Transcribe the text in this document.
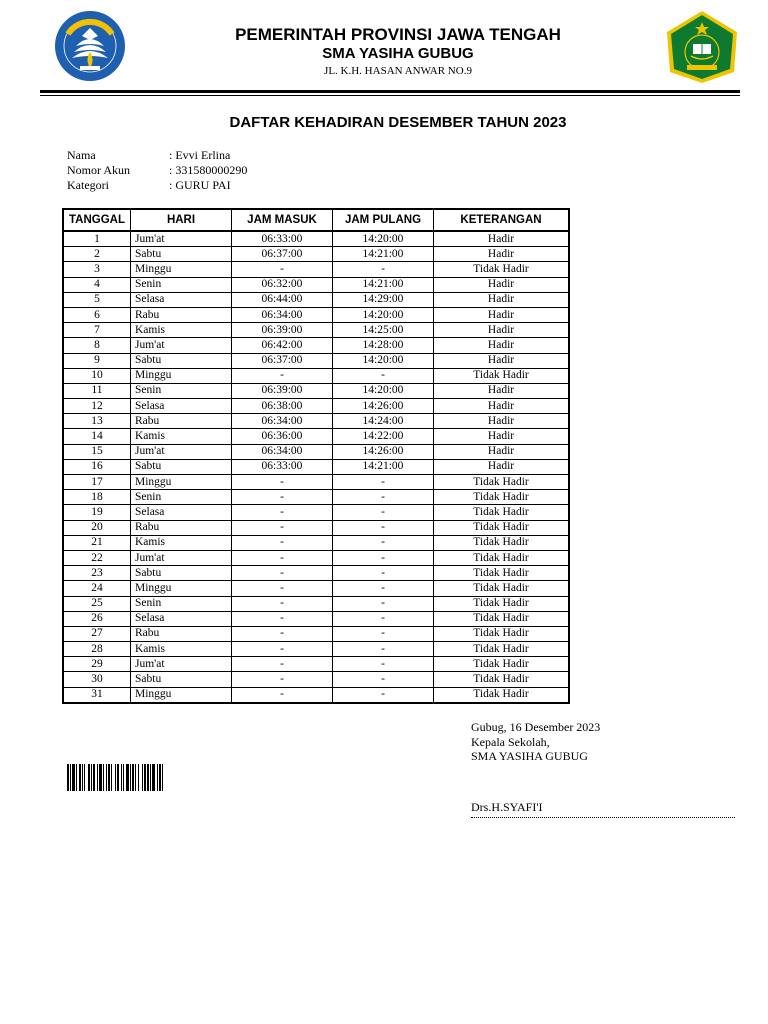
PEMERINTAH PROVINSI JAWA TENGAH
SMA YASIHA GUBUG
JL. K.H. HASAN ANWAR NO.9
DAFTAR KEHADIRAN DESEMBER TAHUN 2023
Nama	: Evvi Erlina
Nomor Akun	: 331580000290
Kategori	: GURU PAI
TANGGAL	HARI	JAM MASUK	JAM PULANG	KETERANGAN
1	Jum'at	06:33:00	14:20:00	Hadir
2	Sabtu	06:37:00	14:21:00	Hadir
3	Minggu	-	-	Tidak Hadir
4	Senin	06:32:00	14:21:00	Hadir
5	Selasa	06:44:00	14:29:00	Hadir
6	Rabu	06:34:00	14:20:00	Hadir
7	Kamis	06:39:00	14:25:00	Hadir
8	Jum'at	06:42:00	14:28:00	Hadir
9	Sabtu	06:37:00	14:20:00	Hadir
10	Minggu	-	-	Tidak Hadir
11	Senin	06:39:00	14:20:00	Hadir
12	Selasa	06:38:00	14:26:00	Hadir
13	Rabu	06:34:00	14:24:00	Hadir
14	Kamis	06:36:00	14:22:00	Hadir
15	Jum'at	06:34:00	14:26:00	Hadir
16	Sabtu	06:33:00	14:21:00	Hadir
17	Minggu	-	-	Tidak Hadir
18	Senin	-	-	Tidak Hadir
19	Selasa	-	-	Tidak Hadir
20	Rabu	-	-	Tidak Hadir
21	Kamis	-	-	Tidak Hadir
22	Jum'at	-	-	Tidak Hadir
23	Sabtu	-	-	Tidak Hadir
24	Minggu	-	-	Tidak Hadir
25	Senin	-	-	Tidak Hadir
26	Selasa	-	-	Tidak Hadir
27	Rabu	-	-	Tidak Hadir
28	Kamis	-	-	Tidak Hadir
29	Jum'at	-	-	Tidak Hadir
30	Sabtu	-	-	Tidak Hadir
31	Minggu	-	-	Tidak Hadir
Gubug, 16 Desember 2023
Kepala Sekolah,
SMA YASIHA GUBUG
Drs.H.SYAFI'I
